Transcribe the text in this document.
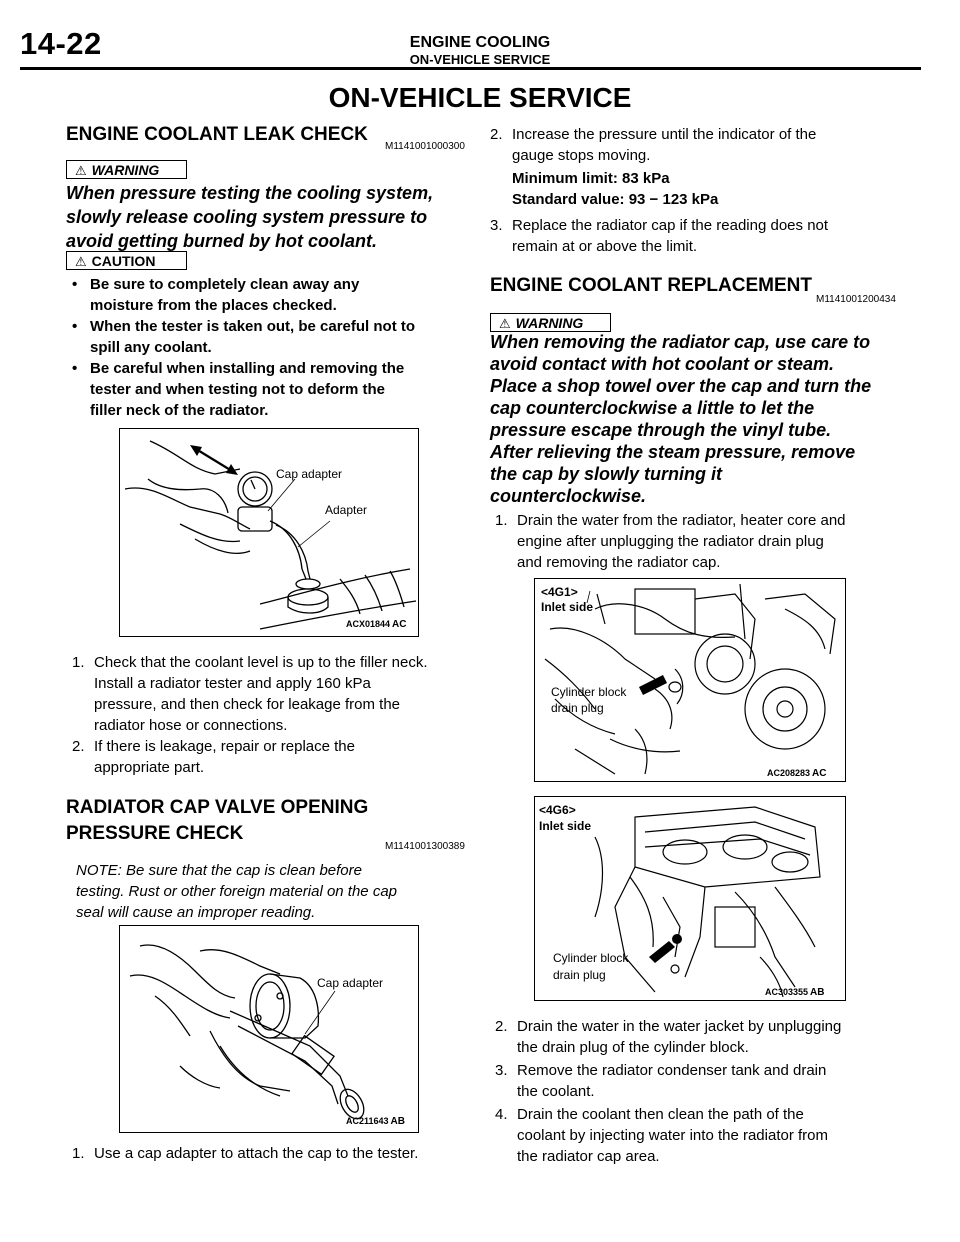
14-22	ENGINE COOLING
ON-VEHICLE SERVICE
ON-VEHICLE SERVICE
ENGINE COOLANT LEAK CHECK
M1141001000300
⚠ WARNING
When pressure testing the cooling system,
slowly release cooling system pressure to
avoid getting burned by hot coolant.
⚠ CAUTION
• Be sure to completely clean away any
moisture from the places checked.
• When the tester is taken out, be careful not to
spill any coolant.
• Be careful when installing and removing the
tester and when testing not to deform the
filler neck of the radiator.
Cap adapter
Adapter
ACX01844 AC
1. Check that the coolant level is up to the filler neck.
Install a radiator tester and apply 160 kPa
pressure, and then check for leakage from the
radiator hose or connections.
2. If there is leakage, repair or replace the
appropriate part.
RADIATOR CAP VALVE OPENING
PRESSURE CHECK
M1141001300389
NOTE: Be sure that the cap is clean before
testing. Rust or other foreign material on the cap
seal will cause an improper reading.
Cap adapter
AC211643 AB
1. Use a cap adapter to attach the cap to the tester.
2. Increase the pressure until the indicator of the
gauge stops moving.
Minimum limit: 83 kPa
Standard value: 93 − 123 kPa
3. Replace the radiator cap if the reading does not
remain at or above the limit.
ENGINE COOLANT REPLACEMENT
M1141001200434
⚠ WARNING
When removing the radiator cap, use care to
avoid contact with hot coolant or steam.
Place a shop towel over the cap and turn the
cap counterclockwise a little to let the
pressure escape through the vinyl tube.
After relieving the steam pressure, remove
the cap by slowly turning it
counterclockwise.
1. Drain the water from the radiator, heater core and
engine after unplugging the radiator drain plug
and removing the radiator cap.
<4G1>
Inlet side
Cylinder block
drain plug
AC208283 AC
<4G6>
Inlet side
Cylinder block
drain plug
AC303355 AB
2. Drain the water in the water jacket by unplugging
the drain plug of the cylinder block.
3. Remove the radiator condenser tank and drain
the coolant.
4. Drain the coolant then clean the path of the
coolant by injecting water into the radiator from
the radiator cap area.
